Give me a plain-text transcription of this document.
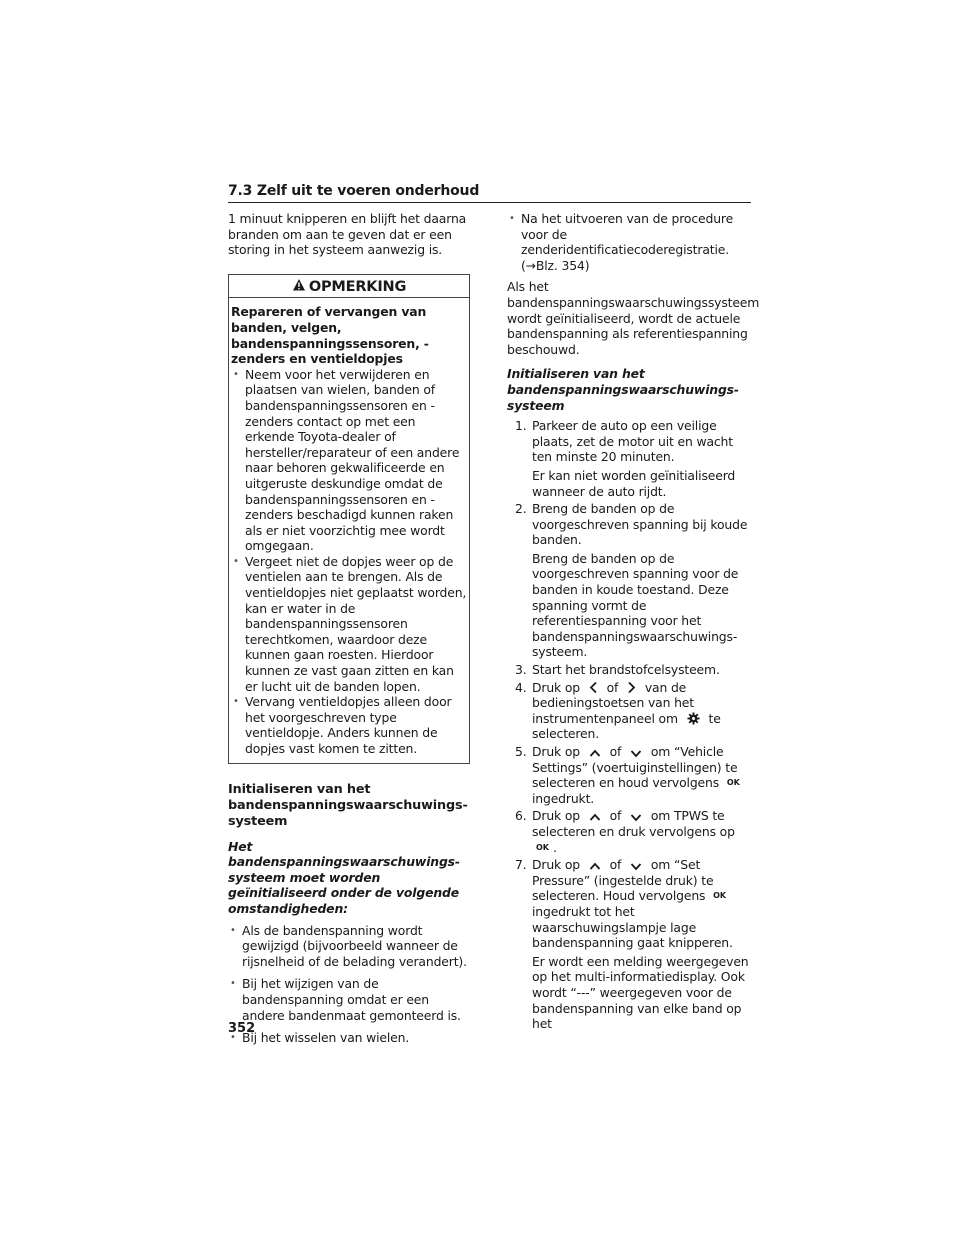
7.3 Zelf uit te voeren onderhoud

1 minuut knipperen en blijft het daarna branden om aan te geven dat er een storing in het systeem aanwezig is.

OPMERKING

Repareren of vervangen van banden, velgen, bandenspanningssensoren, -zenders en ventieldopjes

• Neem voor het verwijderen en plaatsen van wielen, banden of bandenspanningssensoren en -zenders contact op met een erkende Toyota-dealer of hersteller/reparateur of een andere naar behoren gekwalificeerde en uitgeruste deskundige omdat de bandenspanningssensoren en -zenders beschadigd kunnen raken als er niet voorzichtig mee wordt omgegaan.
• Vergeet niet de dopjes weer op de ventielen aan te brengen. Als de ventieldopjes niet geplaatst worden, kan er water in de bandenspanningssensoren terechtkomen, waardoor deze kunnen gaan roesten. Hierdoor kunnen ze vast gaan zitten en kan er lucht uit de banden lopen.
• Vervang ventieldopjes alleen door het voorgeschreven type ventieldopje. Anders kunnen de dopjes vast komen te zitten.

Initialiseren van het bandenspanningswaarschuwings- systeem

Het bandenspanningswaarschuwings- systeem moet worden geïnitialiseerd onder de volgende omstandigheden:

• Als de bandenspanning wordt gewijzigd (bijvoorbeeld wanneer de rijsnelheid of de belading verandert).
• Bij het wijzigen van de bandenspanning omdat er een andere bandenmaat gemonteerd is.
• Bij het wisselen van wielen.
• Na het uitvoeren van de procedure voor de zenderidentificatiecoderegistratie. (→Blz. 354)

Als het bandenspanningswaarschuwingssysteem wordt geïnitialiseerd, wordt de actuele bandenspanning als referentiespanning beschouwd.

Initialiseren van het bandenspanningswaarschuwings- systeem

1. Parkeer de auto op een veilige plaats, zet de motor uit en wacht ten minste 20 minuten.
Er kan niet worden geïnitialiseerd wanneer de auto rijdt.
2. Breng de banden op de voorgeschreven spanning bij koude banden.
Breng de banden op de voorgeschreven spanning voor de banden in koude toestand. Deze spanning vormt de referentiespanning voor het bandenspanningswaarschuwings- systeem.
3. Start het brandstofcelsysteem.
4. Druk op of van de bedieningstoetsen van het instrumentenpaneel om te selecteren.
5. Druk op of om “Vehicle Settings” (voertuiginstellingen) te selecteren en houd vervolgens OK ingedrukt.
6. Druk op of om TPWS te selecteren en druk vervolgens op OK .
7. Druk op of om “Set Pressure” (ingestelde druk) te selecteren. Houd vervolgens OK ingedrukt tot het waarschuwingslampje lage bandenspanning gaat knipperen.
Er wordt een melding weergegeven op het multi-informatiedisplay. Ook wordt “---” weergegeven voor de bandenspanning van elke band op het
352
